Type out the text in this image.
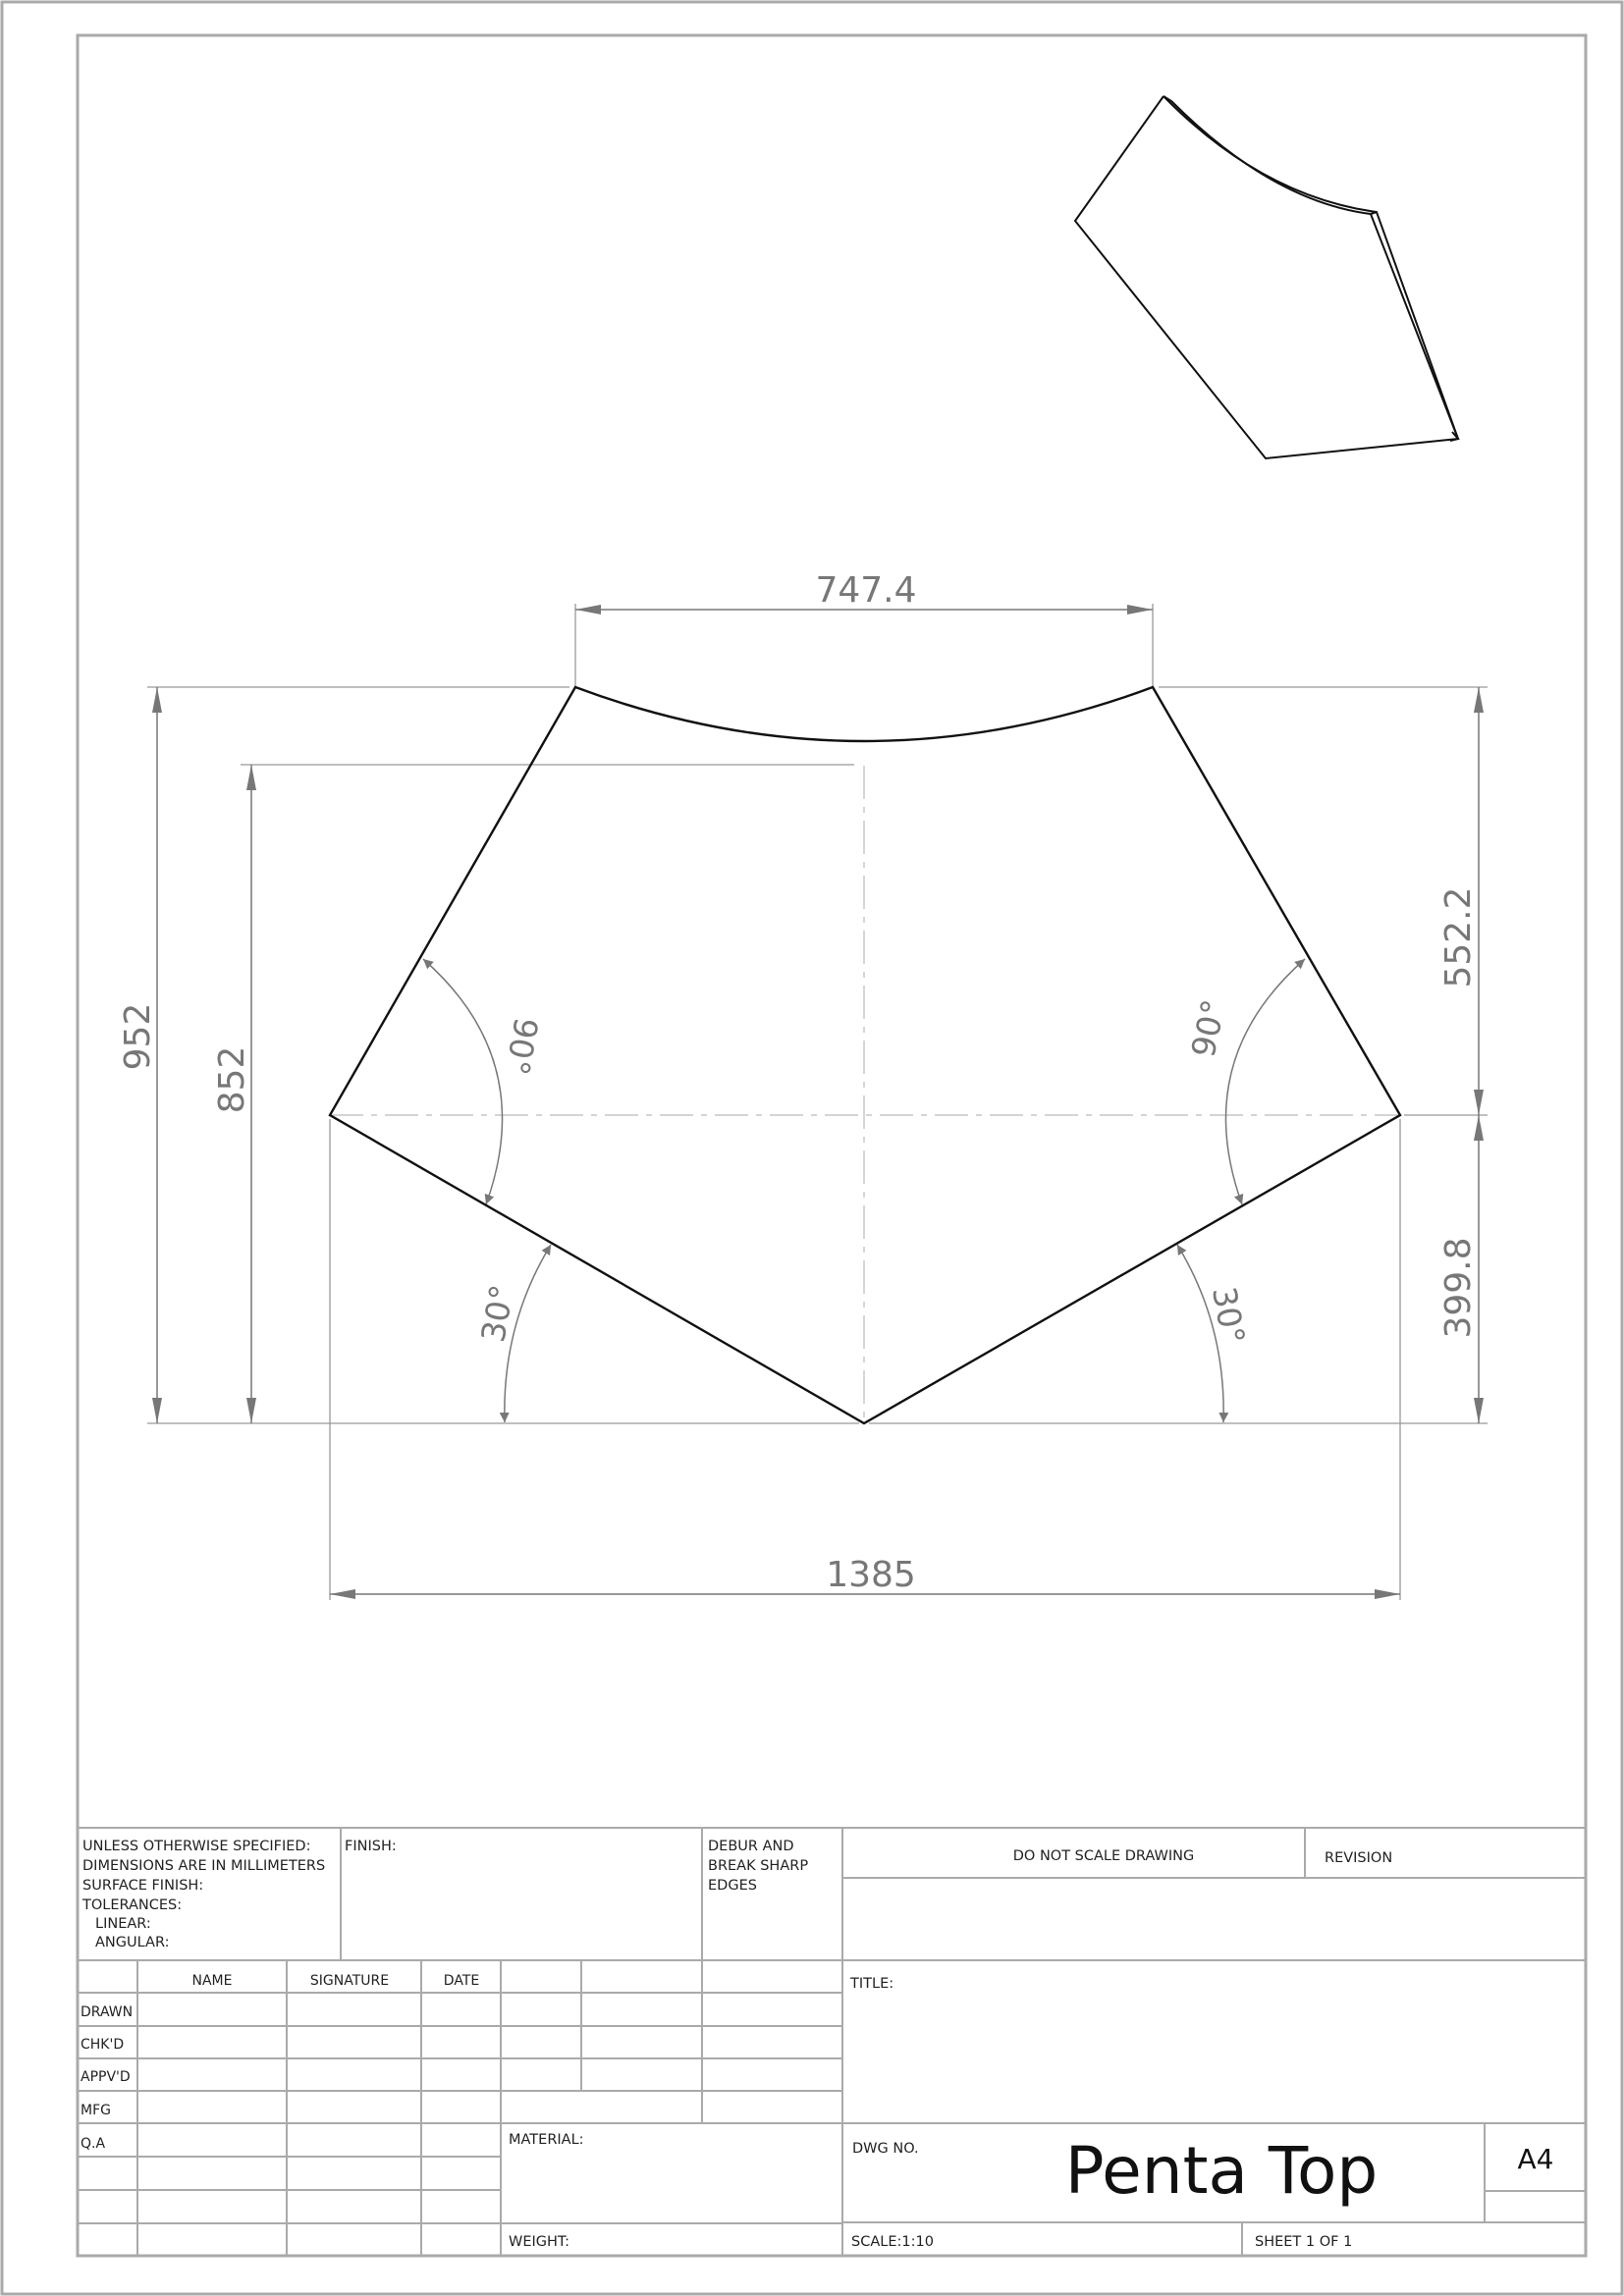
747.4
952
852
552.2
399.8
1385
90°	90°
30°	30°
UNLESS OTHERWISE SPECIFIED:
DIMENSIONS ARE IN MILLIMETERS
SURFACE FINISH:
TOLERANCES:
LINEAR:
ANGULAR:
FINISH:	DEBUR AND
BREAK SHARP
EDGES
DO NOT SCALE DRAWING	REVISION
NAME	SIGNATURE	DATE
DRAWN
CHK'D
APPV'D
MFG
Q.A
TITLE:
MATERIAL:
WEIGHT:
DWG NO. Penta Top	A4
SCALE:1:10	SHEET 1 OF 1
